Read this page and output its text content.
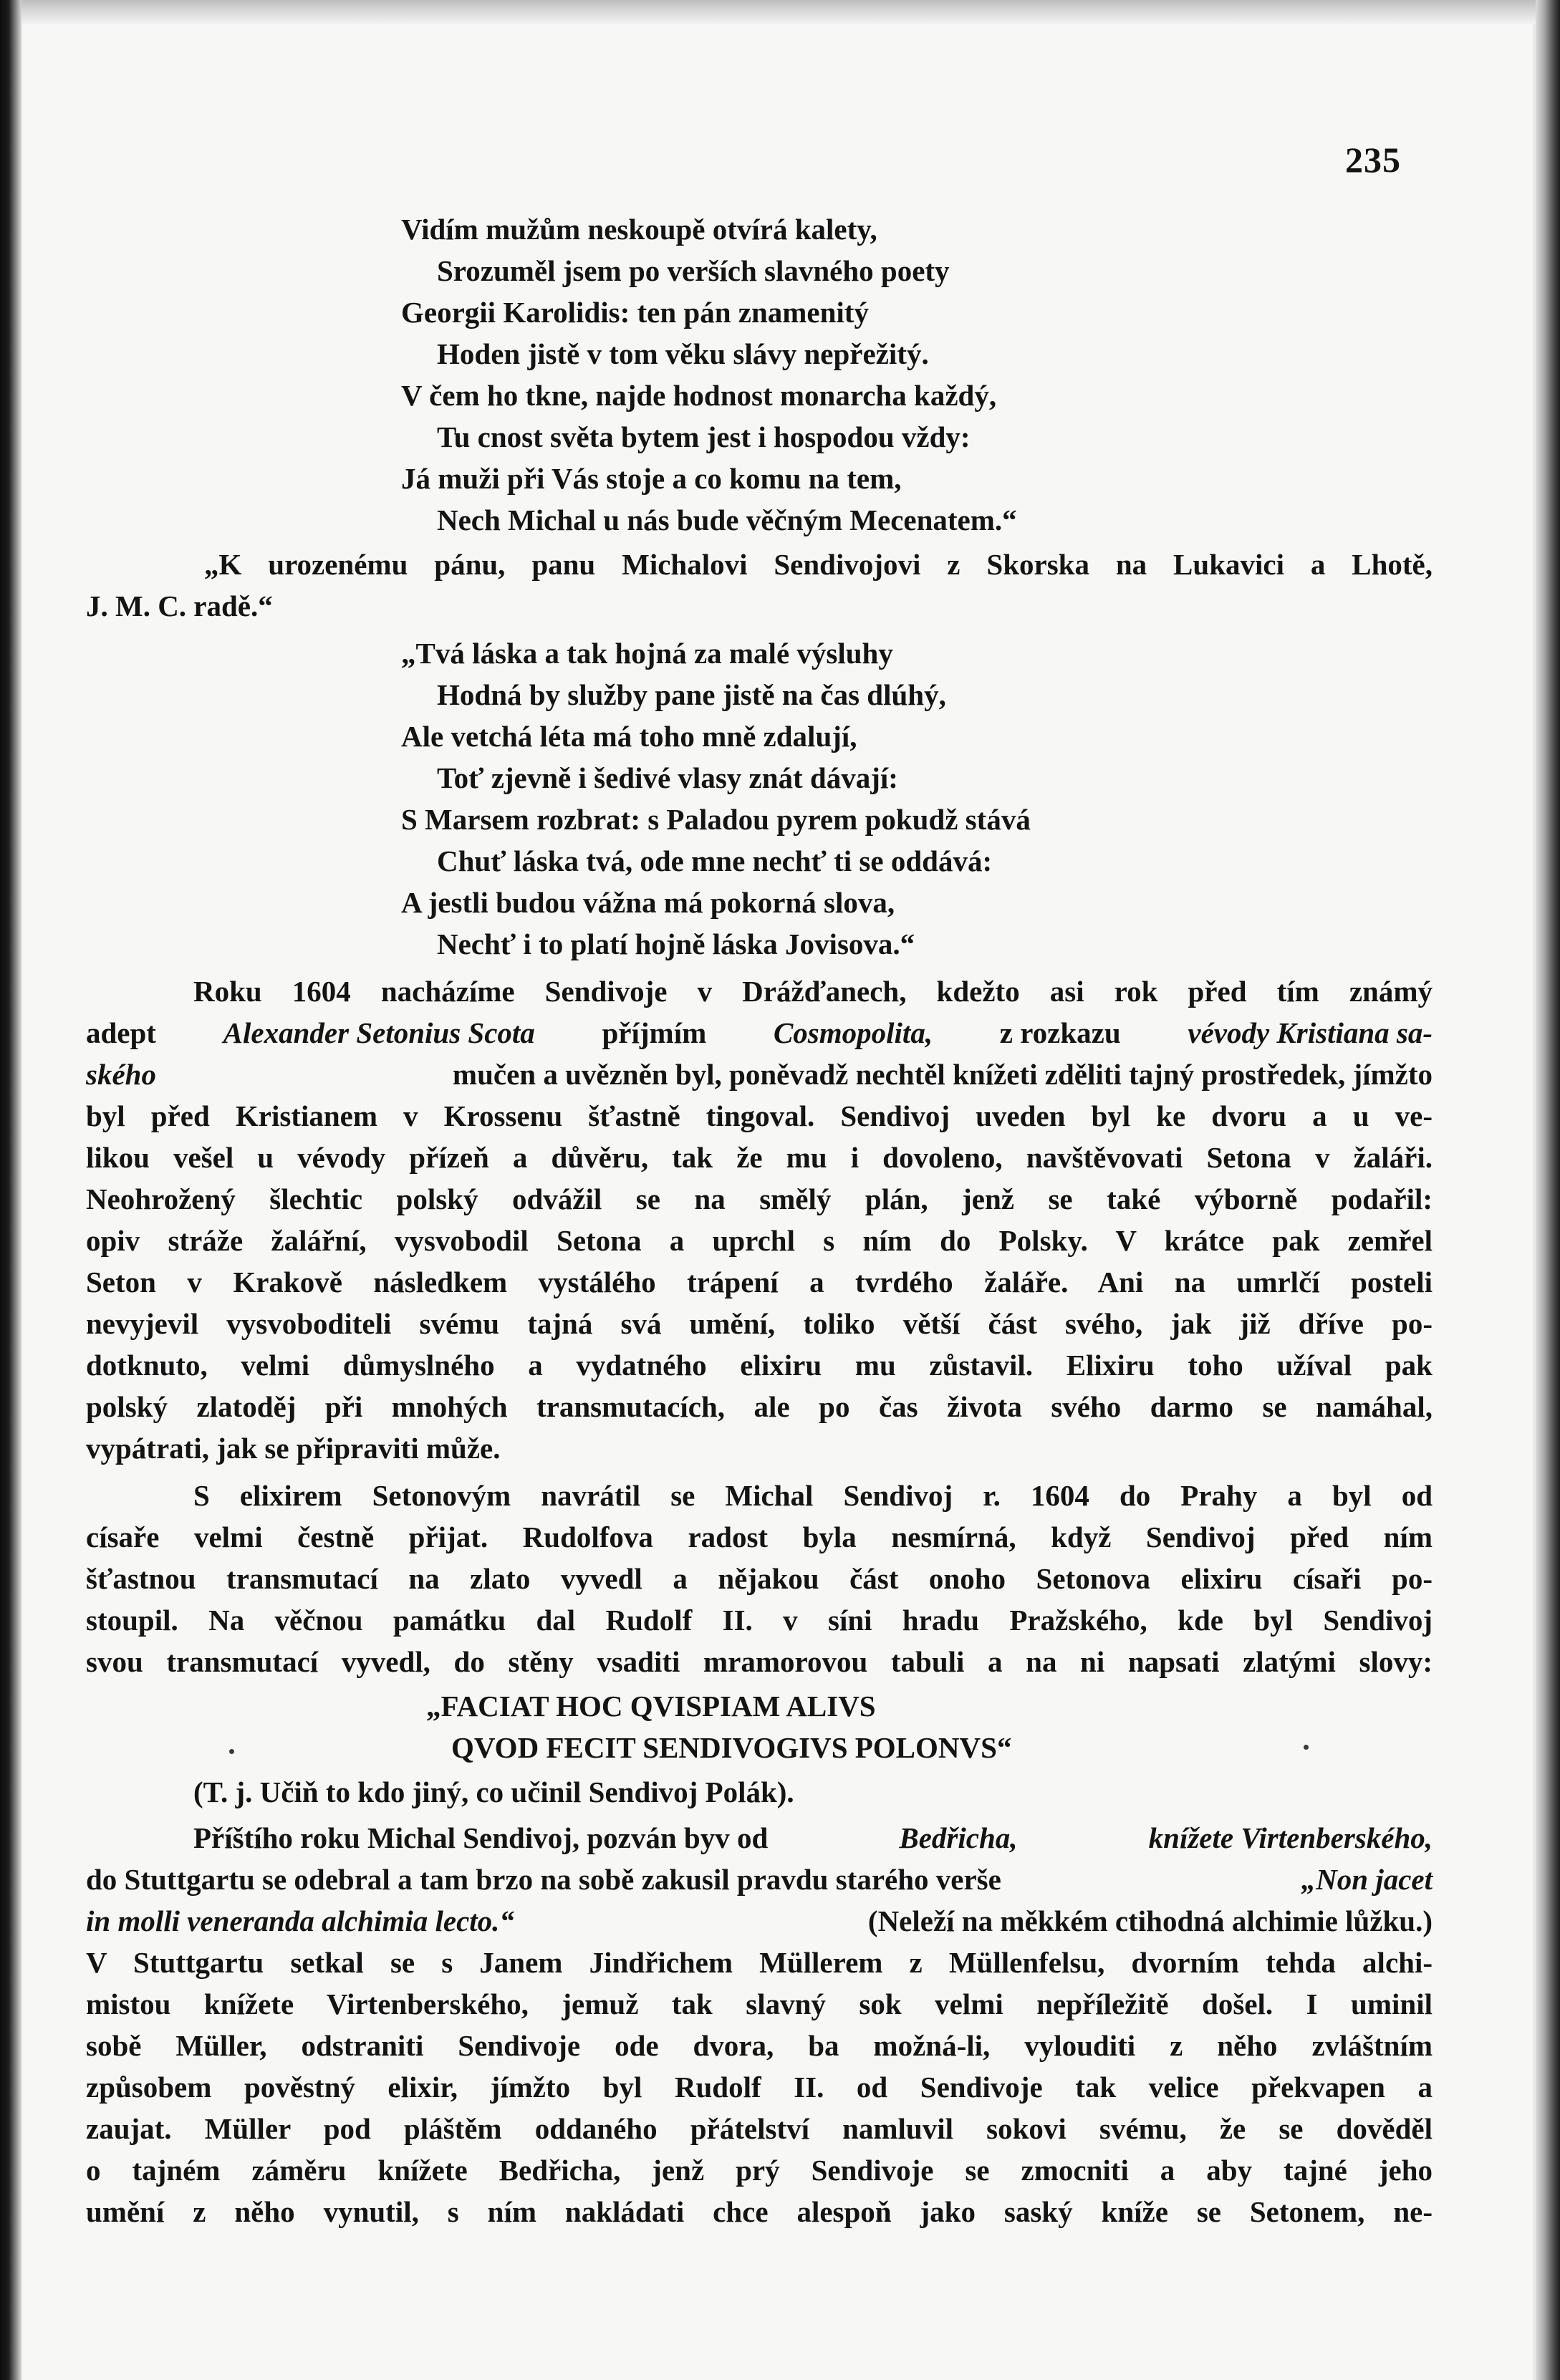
235
Vidím mužům neskoupě otvírá kalety,
Srozuměl jsem po verších slavného poety
Georgii Karolidis: ten pán znamenitý
Hoden jistě v tom věku slávy nepřežitý.
V čem ho tkne, najde hodnost monarcha každý,
Tu cnost světa bytem jest i hospodou vždy:
Já muži při Vás stoje a co komu na tem,
Nech Michal u nás bude věčným Mecenatem.“
„K urozenému pánu, panu Michalovi Sendivojovi z Skorska na Lukavici a Lhotě,
J. M. C. radě.“
„Tvá láska a tak hojná za malé výsluhy
Hodná by služby pane jistě na čas dlúhý,
Ale vetchá léta má toho mně zdalují,
Toť zjevně i šedivé vlasy znát dávají:
S Marsem rozbrat: s Paladou pyrem pokudž stává
Chuť láska tvá, ode mne nechť ti se oddává:
A jestli budou vážna má pokorná slova,
Nechť i to platí hojně láska Jovisova.“
Roku 1604 nacházíme Sendivoje v Drážďanech, kdežto asi rok před tím známý
adept Alexander Setonius Scota příjmím Cosmopolita, z rozkazu vévody Kristiana sa-
ského	mučen a uvězněn byl, poněvadž nechtěl knížeti zděliti tajný prostředek, jímžto
byl před Kristianem v Krossenu šťastně tingoval. Sendivoj uveden byl ke dvoru a u ve-
likou vešel u vévody přízeň a důvěru, tak že mu i dovoleno, navštěvovati Setona v žaláři.
Neohrožený šlechtic polský odvážil se na smělý plán, jenž se také výborně podařil:
opiv stráže žalářní, vysvobodil Setona a uprchl s ním do Polsky. V krátce pak zemřel
Seton v Krakově následkem vystálého trápení a tvrdého žaláře. Ani na umrlčí posteli
nevyjevil vysvoboditeli svému tajná svá umění, toliko větší část svého, jak již dříve po-
dotknuto, velmi důmyslného a vydatného elixiru mu zůstavil. Elixiru toho užíval pak
polský zlatoděj při mnohých transmutacích, ale po čas života svého darmo se namáhal,
vypátrati, jak se připraviti může.
S elixirem Setonovým navrátil se Michal Sendivoj r. 1604 do Prahy a byl od
císaře velmi čestně přijat. Rudolfova radost byla nesmírná, když Sendivoj před ním
šťastnou transmutací na zlato vyvedl a nějakou část onoho Setonova elixiru císaři po-
stoupil. Na věčnou památku dal Rudolf II. v síni hradu Pražského, kde byl Sendivoj
svou transmutací vyvedl, do stěny vsaditi mramorovou tabuli a na ni napsati zlatými slovy:
„FACIAT HOC QVISPIAM ALIVS
QVOD FECIT SENDIVOGIVS POLONVS“
(T. j. Učiň to kdo jiný, co učinil Sendivoj Polák).
Příštího roku Michal Sendivoj, pozván byv od	Bedřicha,	knížete Virtenberského,
do Stuttgartu se odebral a tam brzo na sobě zakusil pravdu starého verše	„Non jacet
in molli veneranda alchimia lecto.“	(Neleží na měkkém ctihodná alchimie lůžku.)
V Stuttgartu setkal se s Janem Jindřichem Müllerem z Müllenfelsu, dvorním tehda alchi-
mistou knížete Virtenberského, jemuž tak slavný sok velmi nepříležitě došel. I uminil
sobě Müller, odstraniti Sendivoje ode dvora, ba možná-li, vylouditi z něho zvláštním
způsobem pověstný elixir, jímžto byl Rudolf II. od Sendivoje tak velice překvapen a
zaujat. Müller pod pláštěm oddaného přátelství namluvil sokovi svému, že se dověděl
o tajném záměru knížete Bedřicha, jenž prý Sendivoje se zmocniti a aby tajné jeho
umění z něho vynutil, s ním nakládati chce alespoň jako saský kníže se Setonem, ne-
